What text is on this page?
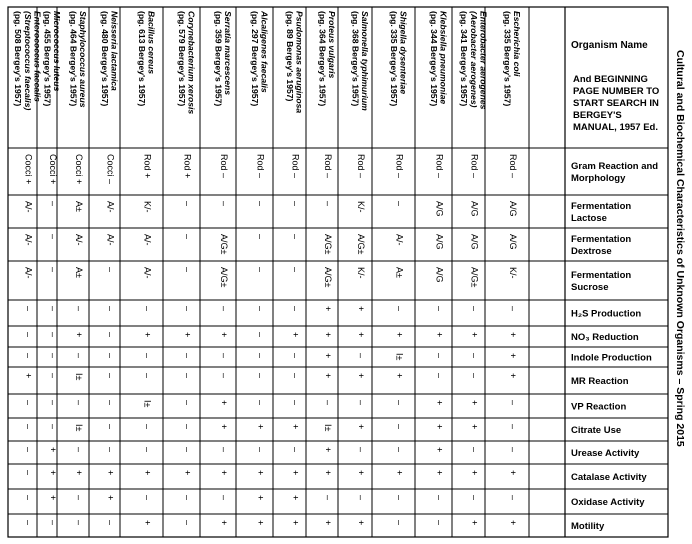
Organism Name
And BEGINNING
PAGE NUMBER TO
START SEARCH IN
BERGEY'S
MANUAL, 1957 Ed.
Gram Reaction and
Morphology
Fermentation
Lactose
Fermentation
Dextrose
Fermentation
Sucrose
H₂S Production
NO₃ Reduction
Indole Production
MR Reaction
VP Reaction
Citrate Use
Urease Activity
Catalase Activity
Oxidase Activity
Motility
Escherichia coli
(pg. 335 Bergey's 1957)
Enterobacter aerogenes
(Aerobacter aerogenes)
(pg. 341 Bergey's 1957)
Klebsiella pneumoniae
(pg. 344 Bergey's 1957)
Shigella dysenteriae
(pg. 335 Bergey's 1957)
Salmonella typhimurium
(pg. 368 Bergey's 1957)
Proteus vulgaris
(pg. 364 Bergey's 1957)
Psudomonas aeruginosa
(pg. 89 Bergey's 1957)
Alcaligenes faecalis
(pg. 297 Bergey's 1957)
Serratia marcescens
(pg. 359 Bergey's 1957)
Corynebacterium xerosis
(pg. 579 Bergey's 1957)
Bacillus cereus
(pg. 613 Bergey's 1957)
Neisseria lactamica
(pg. 480 Bergey's 1957)
Staphylococcus aureus
(pg. 464 Bergey's 1957)
Micrococcus luteus
(pg. 455 Bergey's 1957)
Enterococcus faecalis
(Streptococcus faecalis)
(pg. 508 Bergey's 1957)
Rod –
A/G
A/G
K/-
–
+
+
+
–
–
–
+
–
+
Rod –
A/G
A/G
A/G±
–
+
–
–
+
+
–
+
–
+
Rod –
A/G
A/G
A/G
–
+
–
–
+
+
+
+
–
–
Rod –
–
A/-
A±
–
+
I±
+
–
–
–
+
–
–
Rod –
K/-
A/G±
K/-
+
+
–
+
–
+
–
+
–
+
Rod –
–
A/G±
A/G±
+
+
+
+
–
I±
+
+
–
+
Rod –
–
–
–
–
+
–
–
–
+
–
+
+
+
Rod –
–
–
–
–
–
–
–
–
+
–
+
+
+
Rod –
–
A/G±
A/G±
–
+
–
–
+
+
–
+
–
+
Rod +
–
–
–
–
+
–
–
–
–
–
+
–
–
Rod +
K/-
A/-
A/-
–
+
–
–
I±
–
–
+
–
+
Cocci –
A/-
A/-
–
–
–
–
–
–
–
–
+
+
–
Cocci +
A±
A/-
A±
–
+
–
I±
–
I±
–
+
–
–
Cocci +
–
–
–
–
–
–
–
–
–
+
+
+
–
Cocci +
A/-
A/-
A/-
–
–
–
+
–
–
–
–
–
–
Cultural and Biochemical Characteristics of Unknown Organisms – Spring 2015
